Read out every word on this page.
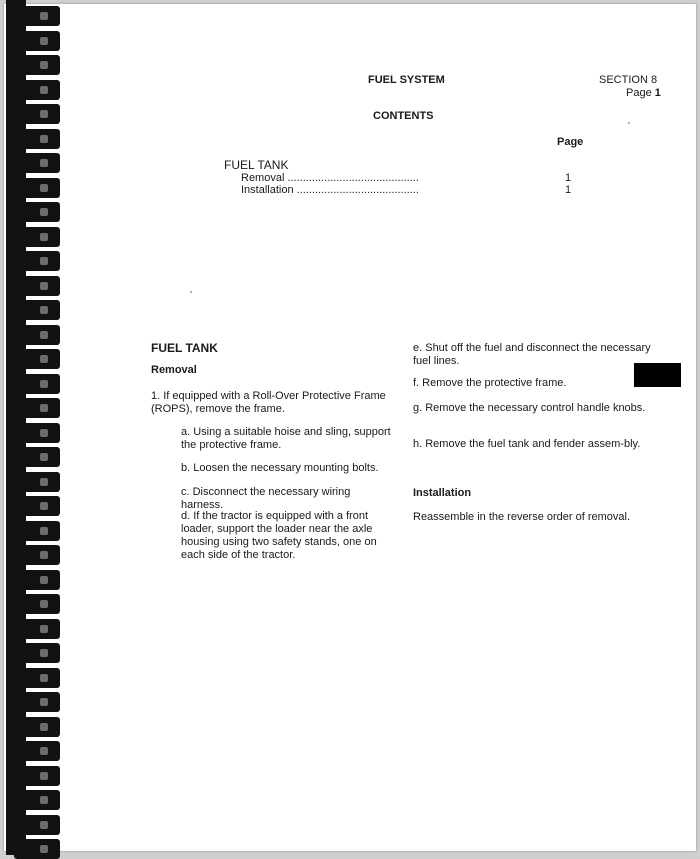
FUEL SYSTEM	SECTION 8
Page 1
CONTENTS
Page
FUEL TANK
Removal ...........................................	1
Installation ........................................	1
FUEL TANK
Removal
1. If equipped with a Roll-Over Protective Frame (ROPS), remove the frame.
a. Using a suitable hoise and sling, support the protective frame.
b. Loosen the necessary mounting bolts.
c. Disconnect the necessary wiring harness.
d. If the tractor is equipped with a front loader, support the loader near the axle housing using two safety stands, one on each side of the tractor.
e. Shut off the fuel and disconnect the necessary fuel lines.
f. Remove the protective frame.
g. Remove the necessary control handle knobs.
h. Remove the fuel tank and fender assem-bly.
Installation
Reassemble in the reverse order of removal.
